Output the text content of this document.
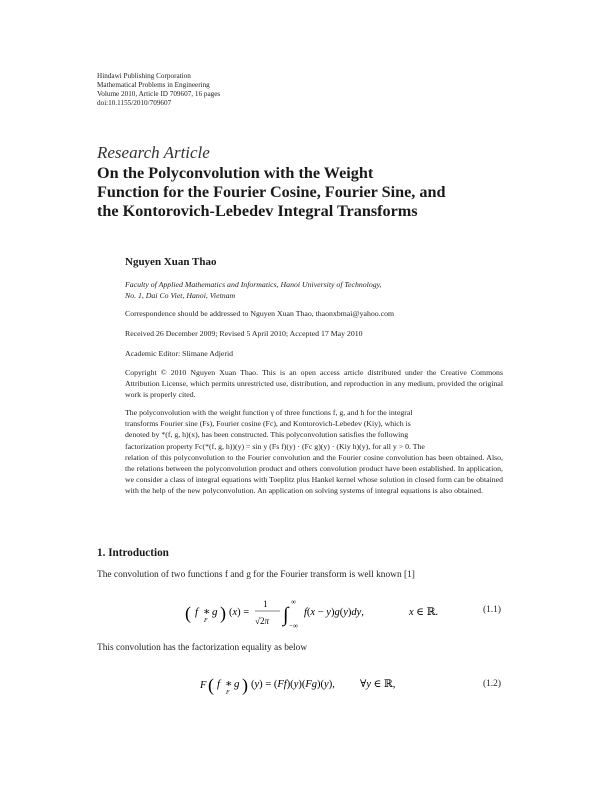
Hindawi Publishing Corporation
Mathematical Problems in Engineering
Volume 2010, Article ID 709607, 16 pages
doi:10.1155/2010/709607
Research Article
On the Polyconvolution with the Weight
Function for the Fourier Cosine, Fourier Sine, and
the Kontorovich-Lebedev Integral Transforms
Nguyen Xuan Thao
Faculty of Applied Mathematics and Informatics, Hanoi University of Technology,
No. 1, Dai Co Viet, Hanoi, Vietnam
Correspondence should be addressed to Nguyen Xuan Thao, thaonxbmai@yahoo.com
Received 26 December 2009; Revised 5 April 2010; Accepted 17 May 2010
Academic Editor: Slimane Adjerid
Copyright © 2010 Nguyen Xuan Thao. This is an open access article distributed under the Creative Commons Attribution License, which permits unrestricted use, distribution, and reproduction in any medium, provided the original work is properly cited.
The polyconvolution with the weight function γ of three functions f, g, and h for the integral
transforms Fourier sine (Fs), Fourier cosine (Fc), and Kontorovich-Lebedev (Kiy), which is
denoted by *(f, g, h)(x), has been constructed. This polyconvolution satisfies the following
factorization property Fc(*(f, g, h))(y) = sin y (Fs f)(y) · (Fc g)(y) · (Kiy h)(y), for all y > 0. The
relation of this polyconvolution to the Fourier convolution and the Fourier cosine convolution has been obtained. Also, the relations between the polyconvolution product and others convolution product have been established. In application, we consider a class of integral equations with Toeplitz plus Hankel kernel whose solution in closed form can be obtained with the help of the new polyconvolution. An application on solving systems of integral equations is also obtained.
1. Introduction
The convolution of two functions f and g for the Fourier transform is well known [1]
( f ∗
F
g ) (x) =
1
√2π ∫
∞
−∞
f(x − y)g(y)dy,	x ∈ ℝ.	(1.1)
This convolution has the factorization equality as below
F ( f ∗
F
g ) (y) = (Ff)(y)(Fg)(y), ∀y ∈ ℝ,	(1.2)
